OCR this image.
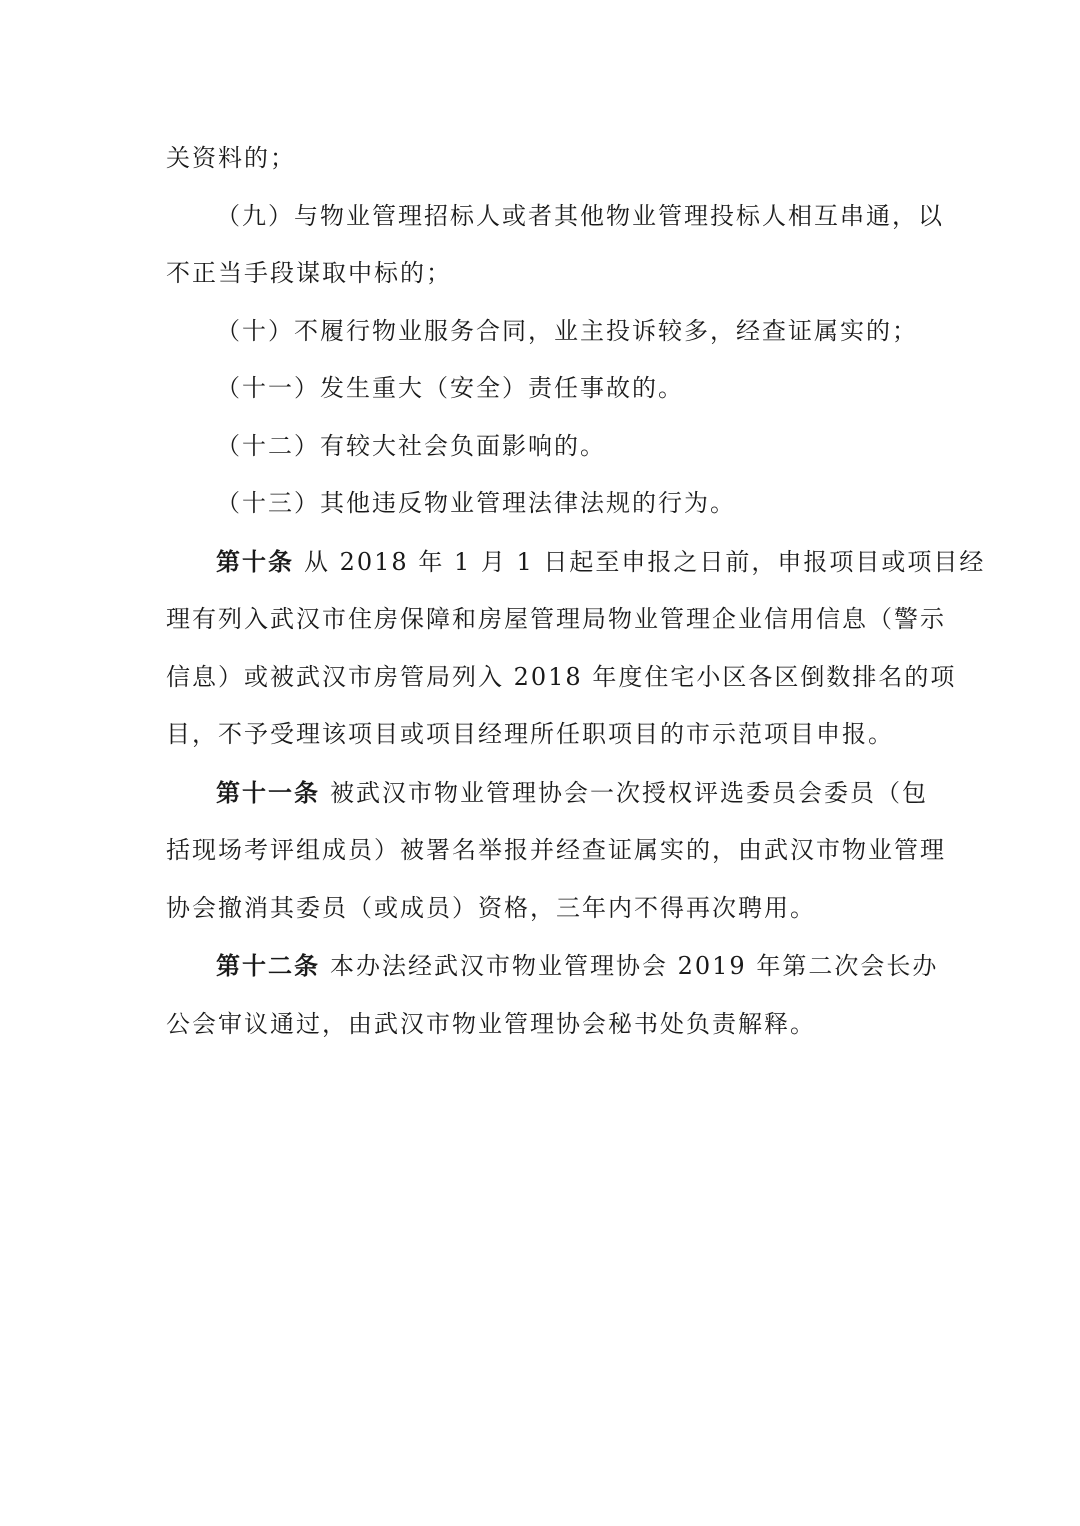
关资料的；

（九）与物业管理招标人或者其他物业管理投标人相互串通，以
不正当手段谋取中标的；

（十）不履行物业服务合同，业主投诉较多，经查证属实的；

（十一）发生重大（安全）责任事故的。

（十二）有较大社会负面影响的。

（十三）其他违反物业管理法律法规的行为。

第十条 从 2018 年 1 月 1 日起至申报之日前，申报项目或项目经
理有列入武汉市住房保障和房屋管理局物业管理企业信用信息（警示
信息）或被武汉市房管局列入 2018 年度住宅小区各区倒数排名的项
目，不予受理该项目或项目经理所任职项目的市示范项目申报。

第十一条 被武汉市物业管理协会一次授权评选委员会委员（包
括现场考评组成员）被署名举报并经查证属实的，由武汉市物业管理
协会撤消其委员（或成员）资格，三年内不得再次聘用。

第十二条 本办法经武汉市物业管理协会 2019 年第二次会长办
公会审议通过，由武汉市物业管理协会秘书处负责解释。
